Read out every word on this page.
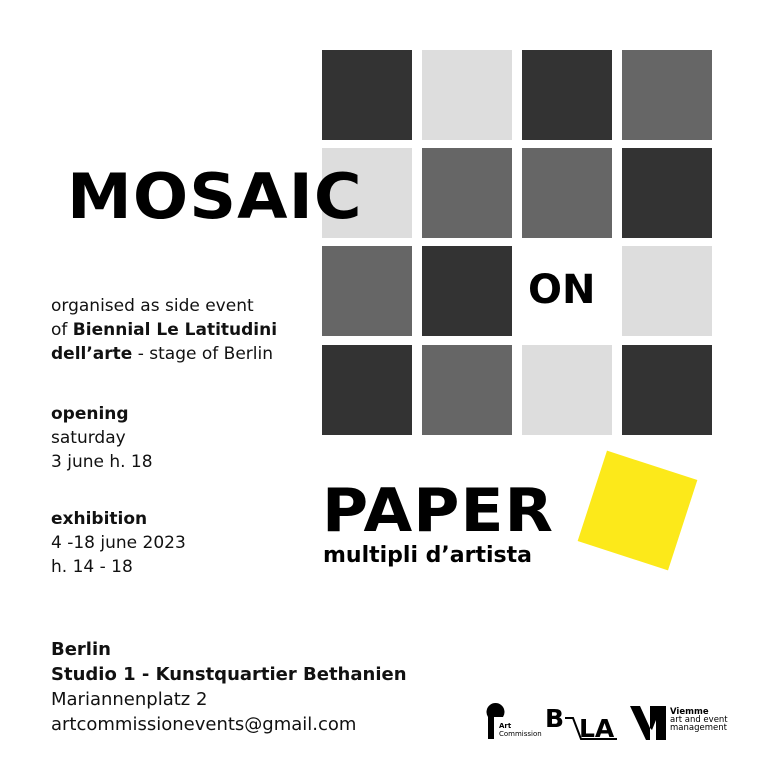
MOSAIC
ON
organised as side event
of Biennial Le Latitudini
dell’arte - stage of Berlin
opening
saturday
3 june h. 18
exhibition
4 -18 june 2023
h. 14 - 18
PAPER
multipli d’artista
Berlin
Studio 1 - Kunstquartier Bethanien
Mariannenplatz 2
artcommissionevents@gmail.com	Art
Commission
B LA
Viemme
art and event
management
